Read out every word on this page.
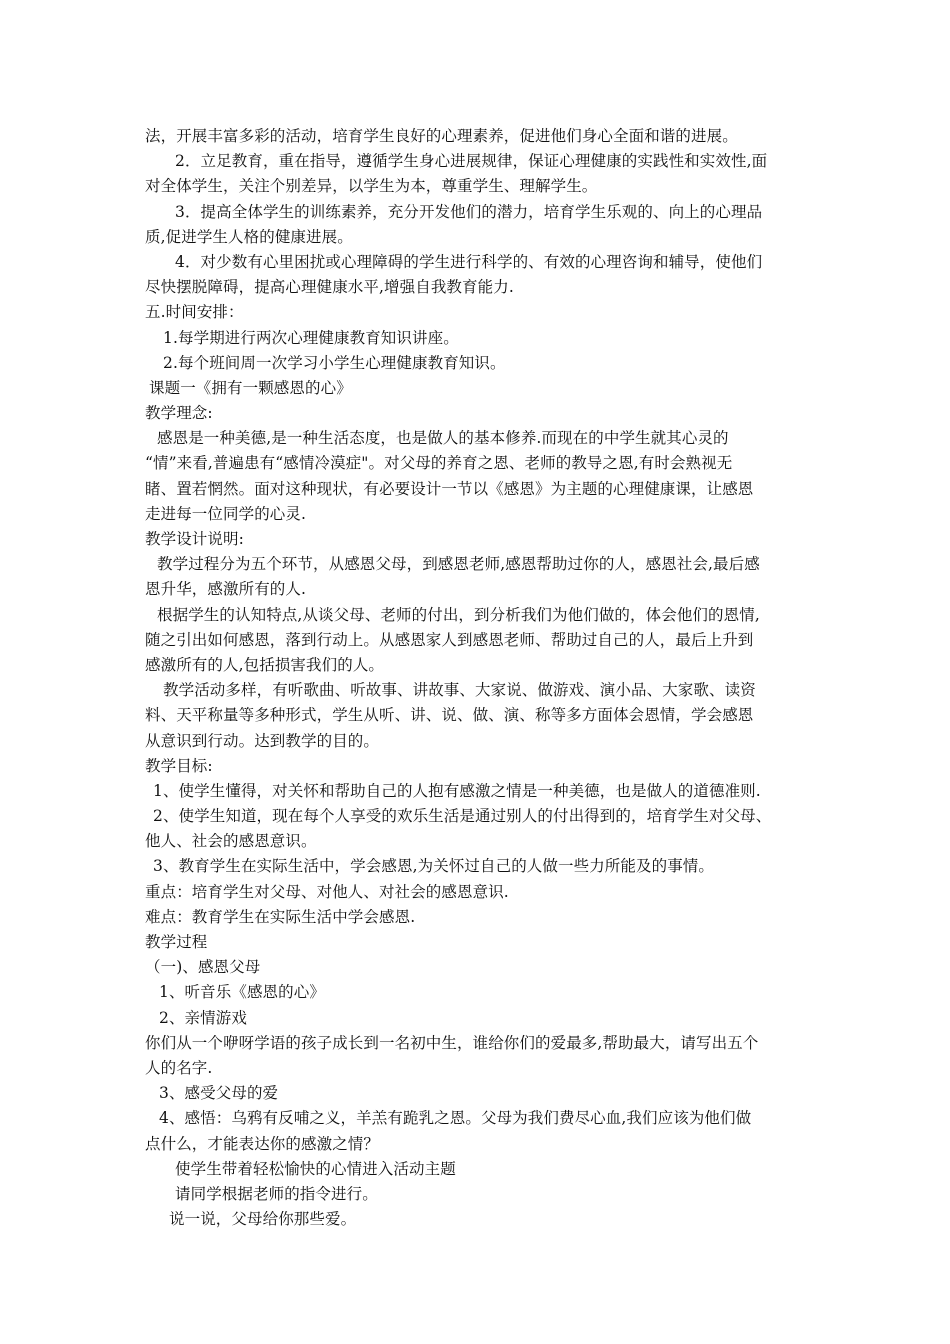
法，开展丰富多彩的活动，培育学生良好的心理素养，促进他们身心全面和谐的进展。
2．立足教育，重在指导，遵循学生身心进展规律，保证心理健康的实践性和实效性,面
对全体学生，关注个别差异，以学生为本，尊重学生、理解学生。
3．提高全体学生的训练素养，充分开发他们的潜力，培育学生乐观的、向上的心理品
质,促进学生人格的健康进展。
4．对少数有心里困扰或心理障碍的学生进行科学的、有效的心理咨询和辅导，使他们
尽快摆脱障碍，提高心理健康水平,增强自我教育能力.
五.时间安排：
1.每学期进行两次心理健康教育知识讲座。
2.每个班间周一次学习小学生心理健康教育知识。
课题一《拥有一颗感恩的心》
教学理念:
感恩是一种美德,是一种生活态度，也是做人的基本修养.而现在的中学生就其心灵的
“情”来看,普遍患有“感情冷漠症"。对父母的养育之恩、老师的教导之恩,有时会熟视无
睹、置若惘然。面对这种现状，有必要设计一节以《感恩》为主题的心理健康课，让感恩
走进每一位同学的心灵.
教学设计说明:
教学过程分为五个环节，从感恩父母，到感恩老师,感恩帮助过你的人，感恩社会,最后感
恩升华，感激所有的人.
根据学生的认知特点,从谈父母、老师的付出，到分析我们为他们做的，体会他们的恩情,
随之引出如何感恩，落到行动上。从感恩家人到感恩老师、帮助过自己的人，最后上升到
感激所有的人,包括损害我们的人。
教学活动多样，有听歌曲、听故事、讲故事、大家说、做游戏、演小品、大家歌、读资
料、天平称量等多种形式，学生从听、讲、说、做、演、称等多方面体会恩情，学会感恩
从意识到行动。达到教学的目的。
教学目标:
1、使学生懂得，对关怀和帮助自己的人抱有感激之情是一种美德，也是做人的道德准则.
2、使学生知道，现在每个人享受的欢乐生活是通过别人的付出得到的，培育学生对父母、
他人、社会的感恩意识。
3、教育学生在实际生活中，学会感恩,为关怀过自己的人做一些力所能及的事情。
重点：培育学生对父母、对他人、对社会的感恩意识.
难点：教育学生在实际生活中学会感恩.
教学过程
（一)、感恩父母
1、听音乐《感恩的心》
2、亲情游戏
你们从一个咿呀学语的孩子成长到一名初中生，谁给你们的爱最多,帮助最大，请写出五个
人的名字.
3、感受父母的爱
4、感悟：乌鸦有反哺之义，羊羔有跪乳之恩。父母为我们费尽心血,我们应该为他们做
点什么，才能表达你的感激之情？
使学生带着轻松愉快的心情进入活动主题
请同学根据老师的指令进行。
说一说，父母给你那些爱。
